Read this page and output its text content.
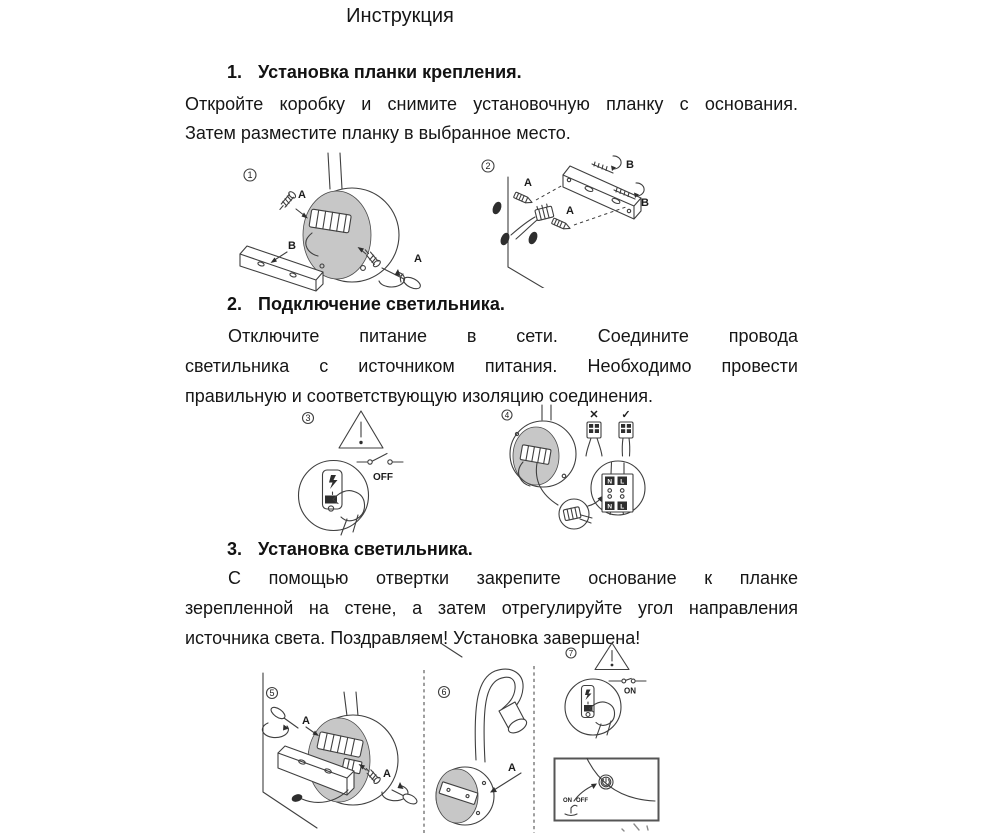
Инструкция
1. Установка планки крепления.
Откройте коробку и снимите установочную планку с основания.
Затем разместите планку в выбранное место.
1
A
B
A
2	B
B
A
A
2. Подключение светильника.
Отключите питание в сети. Соедините провода
светильника с источником питания. Необходимо провести
правильную и соответствующую изоляцию соединения.
3
OFF
4
N L
N L
✕ ✓
3. Установка светильника.
С помощью отвертки закрепите основание к планке
зерепленной на стене, а затем отрегулируйте угол направления
источника света. Поздравляем! Установка завершена!
5
A
A
6
A
7
ON
ON OFF
